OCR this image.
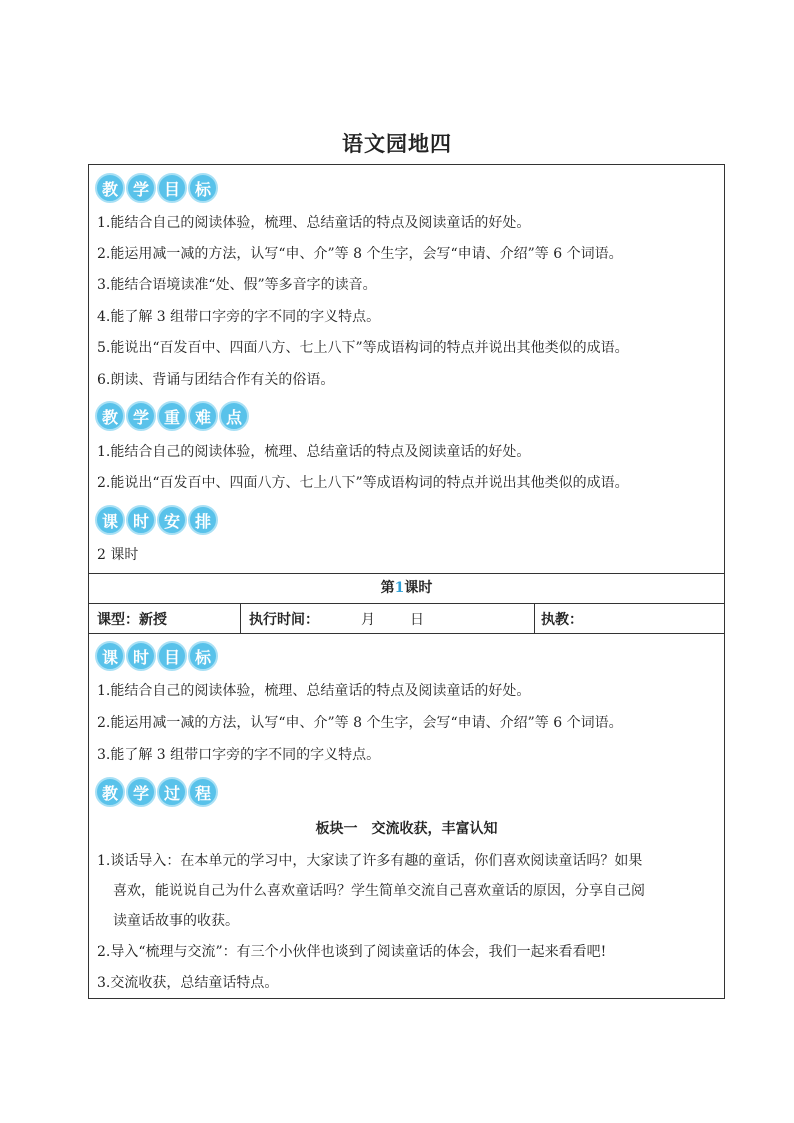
语文园地四
教 学 目 标
1.能结合自己的阅读体验，梳理、总结童话的特点及阅读童话的好处。
2.能运用减一减的方法，认写“申、介”等 8 个生字，会写“申请、介绍”等 6 个词语。
3.能结合语境读准“处、假”等多音字的读音。
4.能了解 3 组带口字旁的字不同的字义特点。
5.能说出“百发百中、四面八方、七上八下”等成语构词的特点并说出其他类似的成语。
6.朗读、背诵与团结合作有关的俗语。
教 学 重 难 点
1.能结合自己的阅读体验，梳理、总结童话的特点及阅读童话的好处。
2.能说出“百发百中、四面八方、七上八下”等成语构词的特点并说出其他类似的成语。
课 时 安 排
2 课时
第1课时
课型：新授	执行时间：	月	日	执教：
课 时 目 标
1.能结合自己的阅读体验，梳理、总结童话的特点及阅读童话的好处。
2.能运用减一减的方法，认写“申、介”等 8 个生字，会写“申请、介绍”等 6 个词语。
3.能了解 3 组带口字旁的字不同的字义特点。
教 学 过 程
板块一　交流收获，丰富认知
1.谈话导入：在本单元的学习中，大家读了许多有趣的童话，你们喜欢阅读童话吗？如果
喜欢，能说说自己为什么喜欢童话吗？学生简单交流自己喜欢童话的原因，分享自己阅
读童话故事的收获。
2.导入“梳理与交流”：有三个小伙伴也谈到了阅读童话的体会，我们一起来看看吧!
3.交流收获，总结童话特点。
